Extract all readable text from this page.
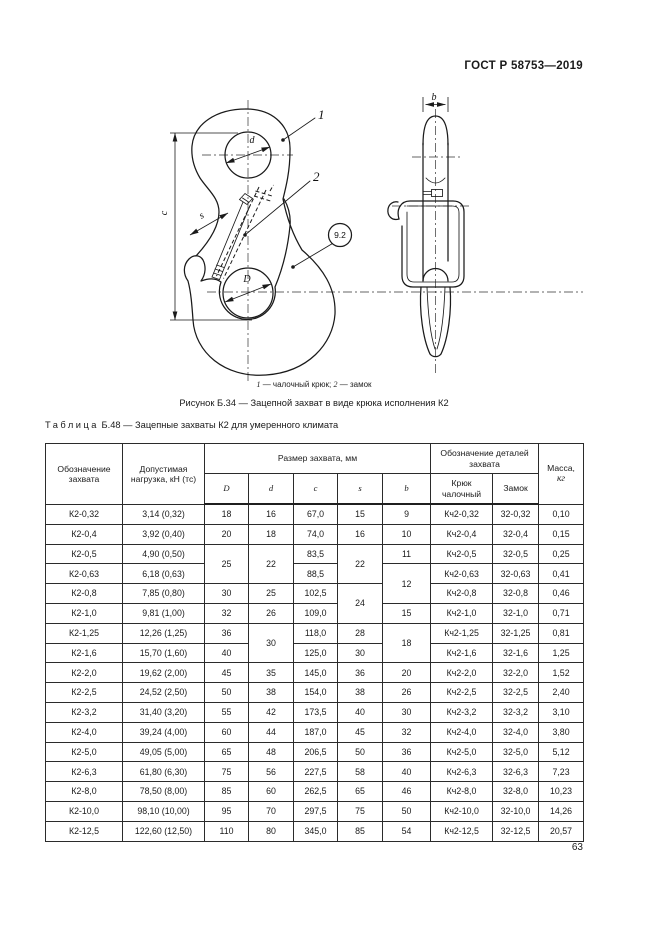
ГОСТ Р 58753—2019
c
d
D
s
b
1
2
9.2
1 — чалочный крюк; 2 — замок
Рисунок Б.34 — Зацепной захват в виде крюка исполнения К2
Таблица Б.48 — Зацепные захваты К2 для умеренного климата
Обозначение захвата	Допустимая нагрузка, кН (тс)	Размер захвата, мм					Обозначение деталей захвата		Масса,
кг
		D	d	c	s	b	Крюк чалочный	Замок	
К2-0,32	3,14 (0,32)	18	16	67,0	15	9	Кч2-0,32	32-0,32	0,10
К2-0,4	3,92 (0,40)	20	18	74,0	16	10	Кч2-0,4	32-0,4	0,15
К2-0,5	4,90 (0,50)	25	22	83,5	22	11	Кч2-0,5	32-0,5	0,25
К2-0,63	6,18 (0,63)			88,5		12	Кч2-0,63	32-0,63	0,41
К2-0,8	7,85 (0,80)	30	25	102,5	24		Кч2-0,8	32-0,8	0,46
К2-1,0	9,81 (1,00)	32	26	109,0		15	Кч2-1,0	32-1,0	0,71
К2-1,25	12,26 (1,25)	36	30	118,0	28	18	Кч2-1,25	32-1,25	0,81
К2-1,6	15,70 (1,60)	40		125,0	30		Кч2-1,6	32-1,6	1,25
К2-2,0	19,62 (2,00)	45	35	145,0	36	20	Кч2-2,0	32-2,0	1,52
К2-2,5	24,52 (2,50)	50	38	154,0	38	26	Кч2-2,5	32-2,5	2,40
К2-3,2	31,40 (3,20)	55	42	173,5	40	30	Кч2-3,2	32-3,2	3,10
К2-4,0	39,24 (4,00)	60	44	187,0	45	32	Кч2-4,0	32-4,0	3,80
К2-5,0	49,05 (5,00)	65	48	206,5	50	36	Кч2-5,0	32-5,0	5,12
К2-6,3	61,80 (6,30)	75	56	227,5	58	40	Кч2-6,3	32-6,3	7,23
К2-8,0	78,50 (8,00)	85	60	262,5	65	46	Кч2-8,0	32-8,0	10,23
К2-10,0	98,10 (10,00)	95	70	297,5	75	50	Кч2-10,0	32-10,0	14,26
К2-12,5	122,60 (12,50)	110	80	345,0	85	54	Кч2-12,5	32-12,5	20,57
63
